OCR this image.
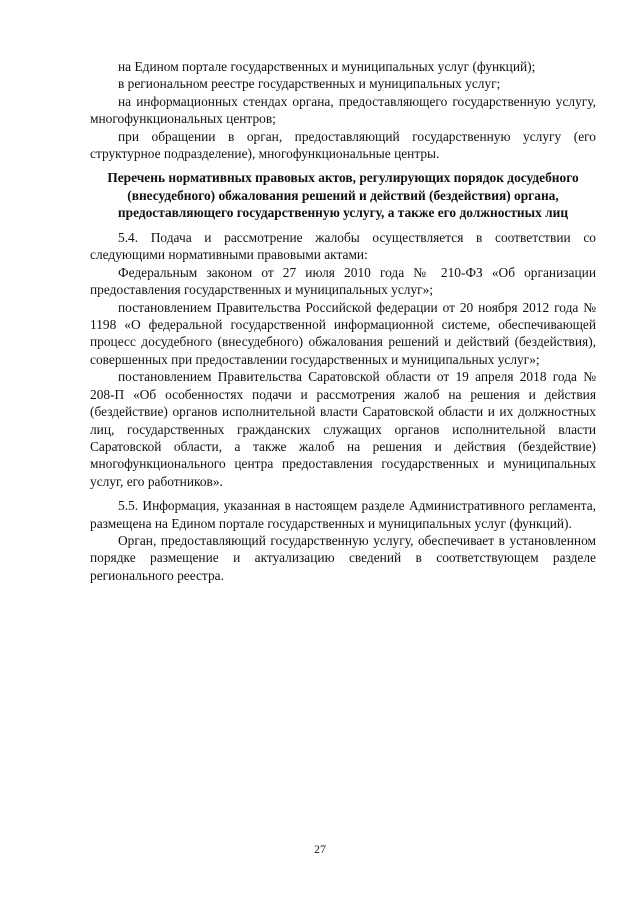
на Едином портале государственных и муниципальных услуг (функций);

в региональном реестре государственных и муниципальных услуг;

на информационных стендах органа, предоставляющего государственную услугу, многофункциональных центров;

при обращении в орган, предоставляющий государственную услугу (его структурное подразделение), многофункциональные центры.

Перечень нормативных правовых актов, регулирующих порядок досудебного (внесудебного) обжалования решений и действий (бездействия) органа, предоставляющего государственную услугу, а также его должностных лиц

5.4. Подача и рассмотрение жалобы осуществляется в соответствии со следующими нормативными правовыми актами:

Федеральным законом от 27 июля 2010 года № 210-ФЗ «Об организации предоставления государственных и муниципальных услуг»;

постановлением Правительства Российской федерации от 20 ноября 2012 года № 1198 «О федеральной государственной информационной системе, обеспечивающей процесс досудебного (внесудебного) обжалования решений и действий (бездействия), совершенных при предоставлении государственных и муниципальных услуг»;

постановлением Правительства Саратовской области от 19 апреля 2018 года № 208-П «Об особенностях подачи и рассмотрения жалоб на решения и действия (бездействие) органов исполнительной власти Саратовской области и их должностных лиц, государственных гражданских служащих органов исполнительной власти Саратовской области, а также жалоб на решения и действия (бездействие) многофункционального центра предоставления государственных и муниципальных услуг, его работников».

5.5. Информация, указанная в настоящем разделе Административного регламента, размещена на Едином портале государственных и муниципальных услуг (функций).

Орган, предоставляющий государственную услугу, обеспечивает в установленном порядке размещение и актуализацию сведений в соответствующем разделе регионального реестра.

27
